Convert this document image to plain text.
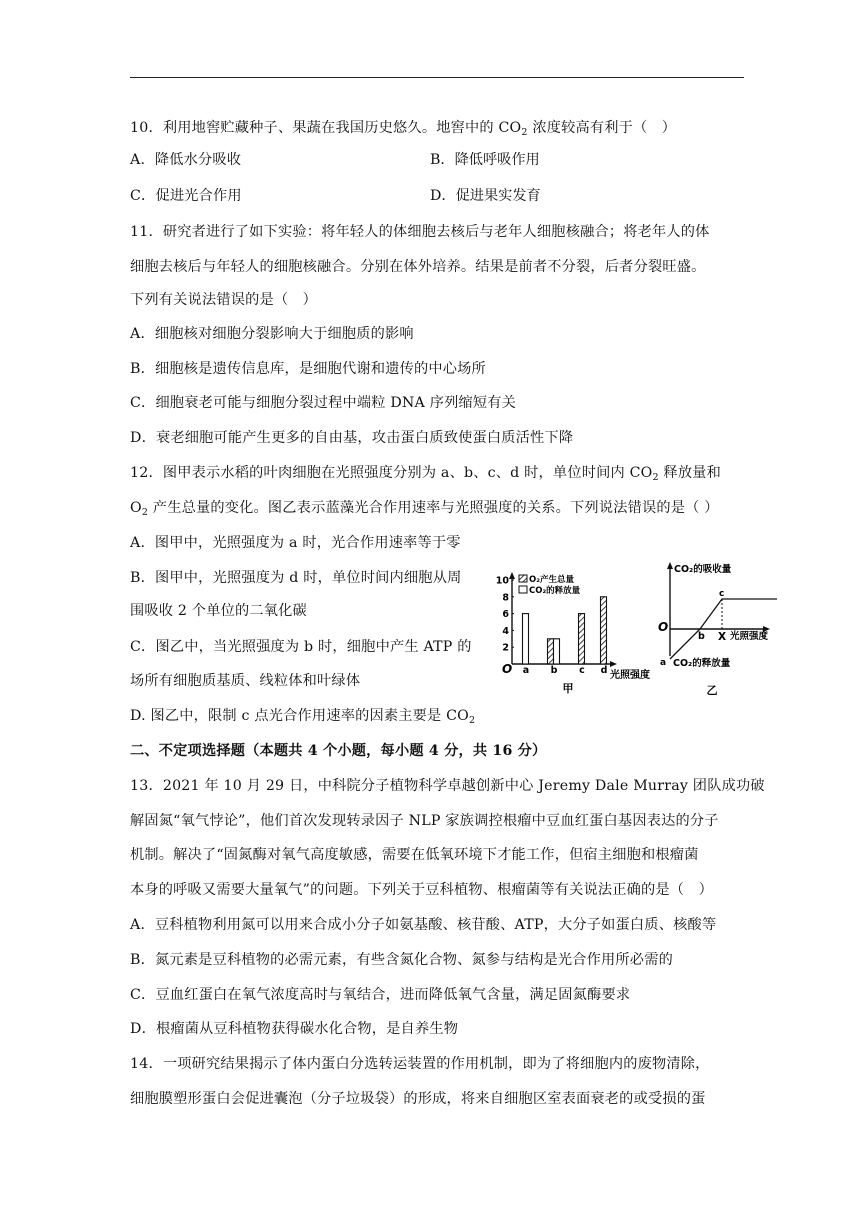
10．利用地窖贮藏种子、果蔬在我国历史悠久。地窖中的 $CO_2$ 浓度较高有利于（　）
A．降低水分吸收	B．降低呼吸作用
C．促进光合作用	D．促进果实发育
11．研究者进行了如下实验：将年轻人的体细胞去核后与老年人细胞核融合；将老年人的体
细胞去核后与年轻人的细胞核融合。分别在体外培养。结果是前者不分裂，后者分裂旺盛。
下列有关说法错误的是（　）
A．细胞核对细胞分裂影响大于细胞质的影响
B．细胞核是遗传信息库，是细胞代谢和遗传的中心场所
C．细胞衰老可能与细胞分裂过程中端粒 DNA 序列缩短有关
D．衰老细胞可能产生更多的自由基，攻击蛋白质致使蛋白质活性下降
12．图甲表示水稻的叶肉细胞在光照强度分别为 a、b、c、d 时，单位时间内 $CO_2$ 释放量和
$O_2$ 产生总量的变化。图乙表示蓝藻光合作用速率与光照强度的关系。下列说法错误的是（ ）
A．图甲中，光照强度为 a 时，光合作用速率等于零
B．图甲中，光照强度为 d 时，单位时间内细胞从周
围吸收 2 个单位的二氧化碳
C．图乙中，当光照强度为 b 时，细胞中产生 ATP 的
场所有细胞质基质、线粒体和叶绿体
D. 图乙中，限制 c 点光合作用速率的因素主要是 $CO_2$
O
2
4
6
8
10 O₂产生总量
CO₂的释放量
a b c d 光照强度
甲
CO₂的吸收量
CO₂的释放量
O
光照强度
a
b
c
X
乙
二、不定项选择题（本题共 4 个小题，每小题 4 分，共 16 分）
13．2021 年 10 月 29 日，中科院分子植物科学卓越创新中心 Jeremy Dale Murray 团队成功破
解固氮“氧气悖论”，他们首次发现转录因子 NLP 家族调控根瘤中豆血红蛋白基因表达的分子
机制。解决了“固氮酶对氧气高度敏感，需要在低氧环境下才能工作，但宿主细胞和根瘤菌
本身的呼吸又需要大量氧气”的问题。下列关于豆科植物、根瘤菌等有关说法正确的是（　）
A．豆科植物利用氮可以用来合成小分子如氨基酸、核苷酸、ATP，大分子如蛋白质、核酸等
B．氮元素是豆科植物的必需元素，有些含氮化合物、氮参与结构是光合作用所必需的
C．豆血红蛋白在氧气浓度高时与氧结合，进而降低氧气含量，满足固氮酶要求
D．根瘤菌从豆科植物获得碳水化合物，是自养生物
14．一项研究结果揭示了体内蛋白分选转运装置的作用机制，即为了将细胞内的废物清除，
细胞膜塑形蛋白会促进囊泡（分子垃圾袋）的形成，将来自细胞区室表面衰老的或受损的蛋
